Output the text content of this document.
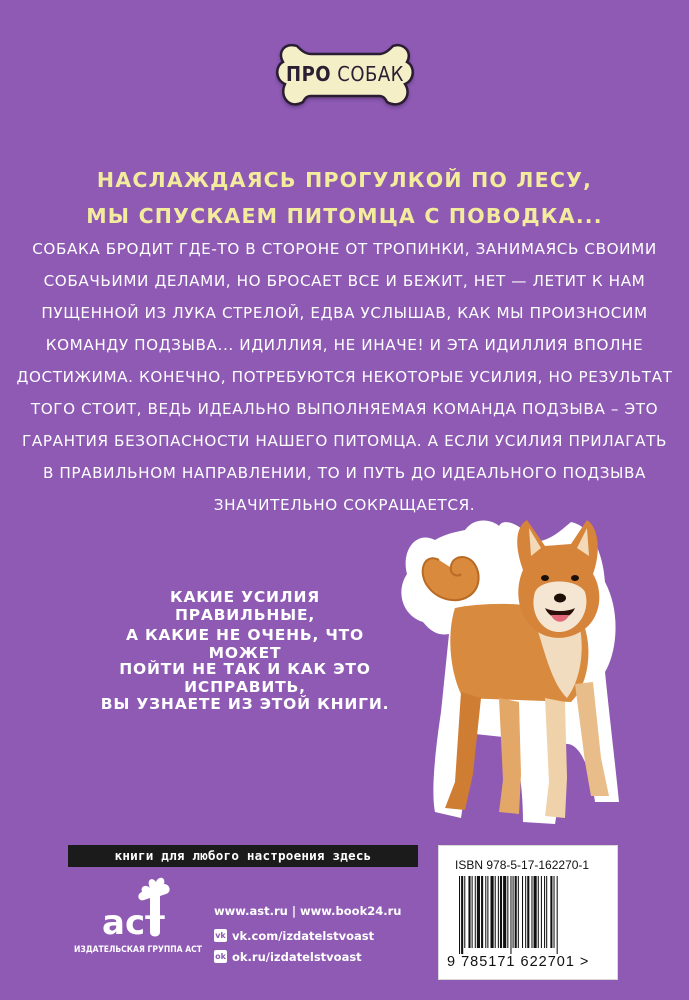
ПРО СОБАК
НАСЛАЖДАЯСЬ ПРОГУЛКОЙ ПО ЛЕСУ,
МЫ СПУСКАЕМ ПИТОМЦА С ПОВОДКА...
СОБАКА БРОДИТ ГДЕ-ТО В СТОРОНЕ ОТ ТРОПИНКИ, ЗАНИМАЯСЬ СВОИМИ
СОБАЧЬИМИ ДЕЛАМИ, НО БРОСАЕТ ВСЕ И БЕЖИТ, НЕТ — ЛЕТИТ К НАМ
ПУЩЕННОЙ ИЗ ЛУКА СТРЕЛОЙ, ЕДВА УСЛЫШАВ, КАК МЫ ПРОИЗНОСИМ
КОМАНДУ ПОДЗЫВА... ИДИЛЛИЯ, НЕ ИНАЧЕ! И ЭТА ИДИЛЛИЯ ВПОЛНЕ
ДОСТИЖИМА. КОНЕЧНО, ПОТРЕБУЮТСЯ НЕКОТОРЫЕ УСИЛИЯ, НО РЕЗУЛЬТАТ
ТОГО СТОИТ, ВЕДЬ ИДЕАЛЬНО ВЫПОЛНЯЕМАЯ КОМАНДА ПОДЗЫВА – ЭТО
ГАРАНТИЯ БЕЗОПАСНОСТИ НАШЕГО ПИТОМЦА. А ЕСЛИ УСИЛИЯ ПРИЛАГАТЬ
В ПРАВИЛЬНОМ НАПРАВЛЕНИИ, ТО И ПУТЬ ДО ИДЕАЛЬНОГО ПОДЗЫВА
ЗНАЧИТЕЛЬНО СОКРАЩАЕТСЯ.
КАКИЕ УСИЛИЯ ПРАВИЛЬНЫЕ,
А КАКИЕ НЕ ОЧЕНЬ, ЧТО МОЖЕТ
ПОЙТИ НЕ ТАК И КАК ЭТО ИСПРАВИТЬ,
ВЫ УЗНАЕТЕ ИЗ ЭТОЙ КНИГИ.
книги для любого настроения здесь
аст
ИЗДАТЕЛЬСКАЯ ГРУППА АСТ
www.ast.ru | www.book24.ru
vk vk.com/izdatelstvoast
ok ok.ru/izdatelstvoast
ISBN 978-5-17-162270-1
9 785171 622701 >
